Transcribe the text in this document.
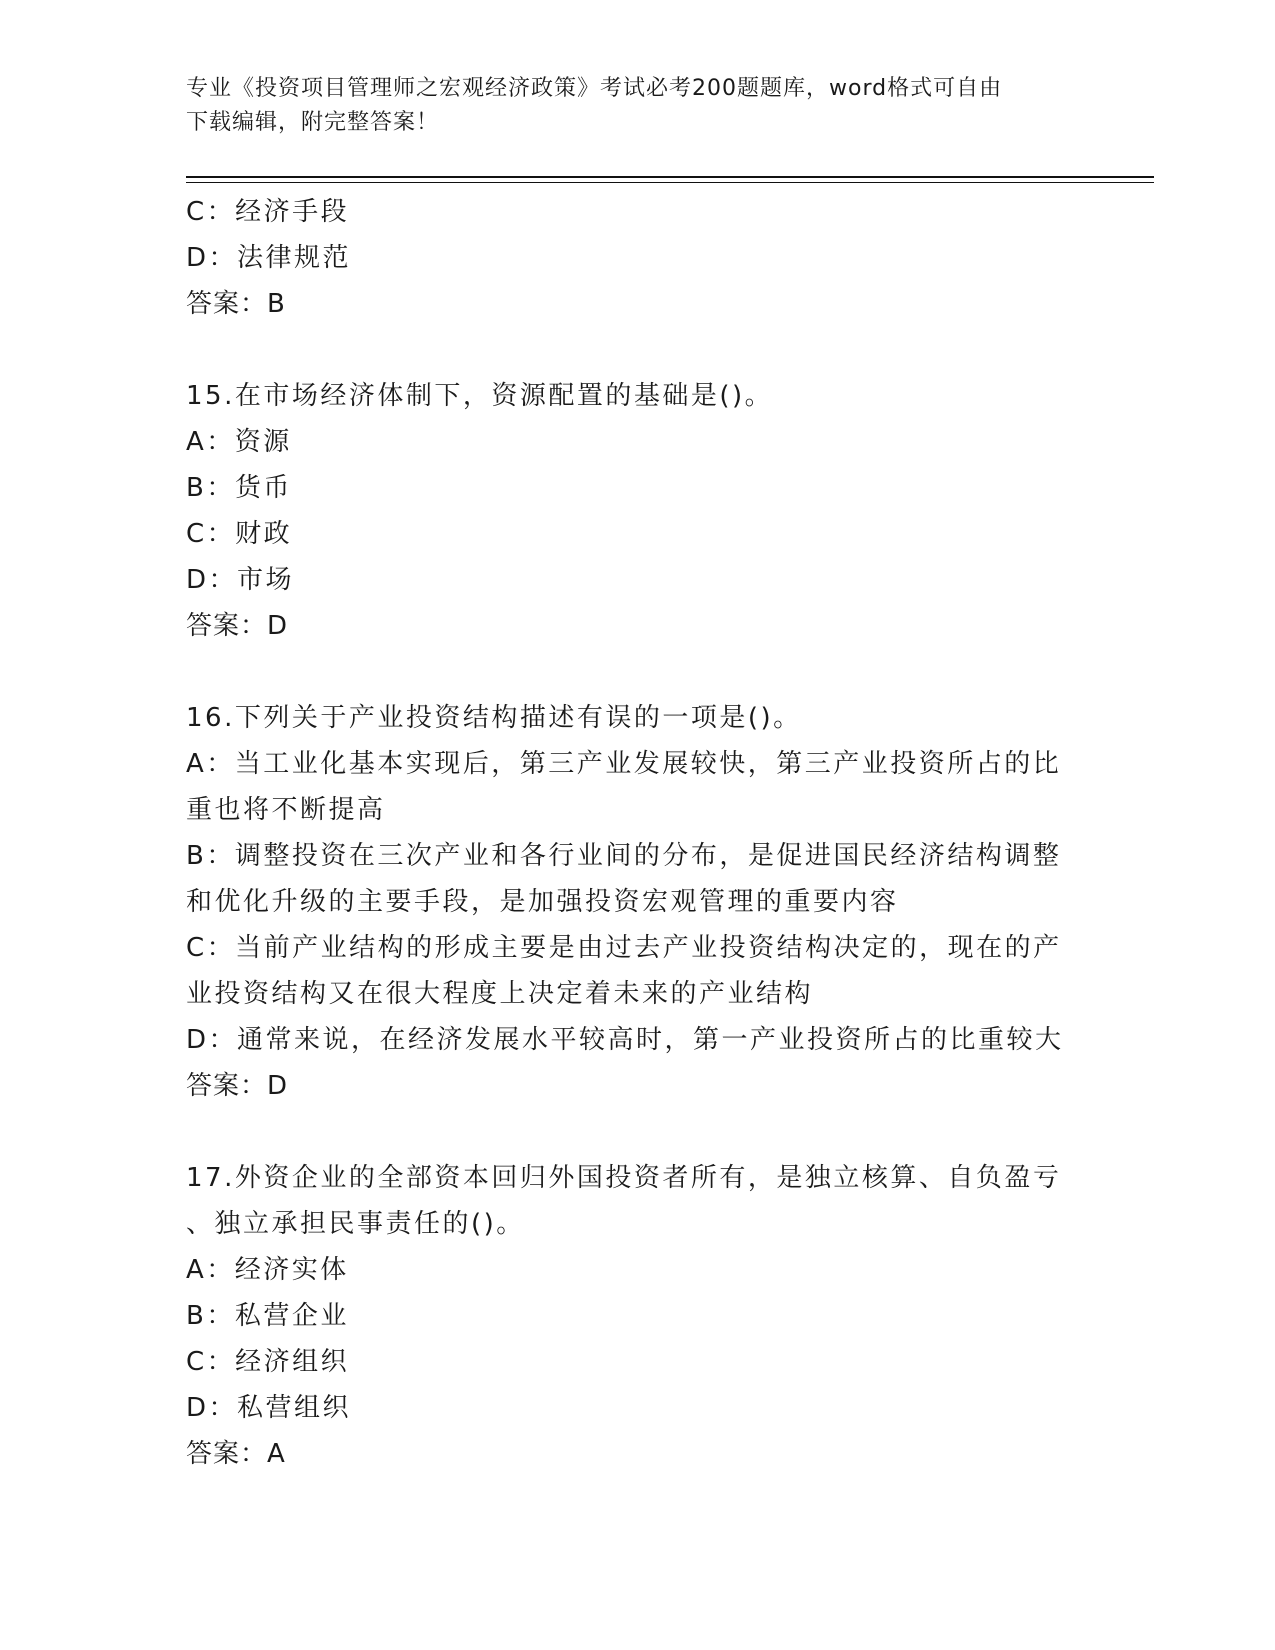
专业《投资项目管理师之宏观经济政策》考试必考200题题库，word格式可自由
下载编辑，附完整答案！
C：经济手段
D：法律规范
答案：B
15.在市场经济体制下，资源配置的基础是()。
A：资源
B：货币
C：财政
D：市场
答案：D
16.下列关于产业投资结构描述有误的一项是()。
A：当工业化基本实现后，第三产业发展较快，第三产业投资所占的比
重也将不断提高
B：调整投资在三次产业和各行业间的分布，是促进国民经济结构调整
和优化升级的主要手段，是加强投资宏观管理的重要内容
C：当前产业结构的形成主要是由过去产业投资结构决定的，现在的产
业投资结构又在很大程度上决定着未来的产业结构
D：通常来说，在经济发展水平较高时，第一产业投资所占的比重较大
答案：D
17.外资企业的全部资本回归外国投资者所有，是独立核算、自负盈亏
、独立承担民事责任的()。
A：经济实体
B：私营企业
C：经济组织
D：私营组织
答案：A
